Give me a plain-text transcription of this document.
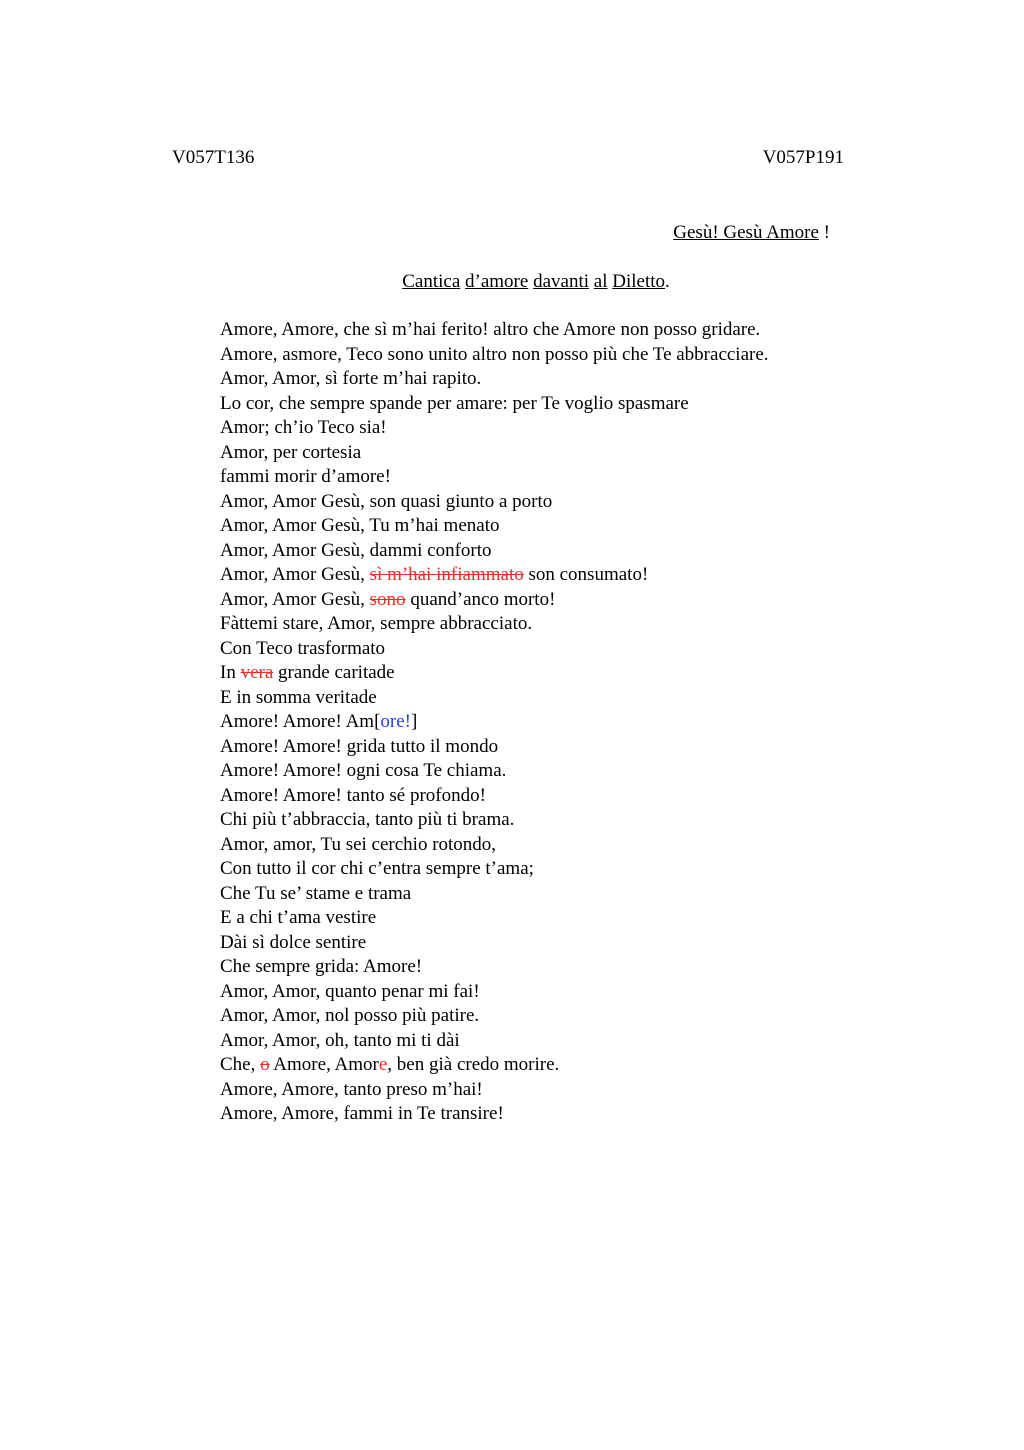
V057T136	V057P191
Gesù! Gesù Amore !
Cantica d’amore davanti al Diletto.
Amore, Amore, che sì m’hai ferito! altro che Amore non posso gridare.
Amore, asmore, Teco sono unito altro non posso più che Te abbracciare.
Amor, Amor, sì forte m’hai rapito.
Lo cor, che sempre spande per amare: per Te voglio spasmare
Amor; ch’io Teco sia!
Amor, per cortesia
fammi morir d’amore!
Amor, Amor Gesù, son quasi giunto a porto
Amor, Amor Gesù, Tu m’hai menato
Amor, Amor Gesù, dammi conforto
Amor, Amor Gesù, sì m’hai infiammato son consumato!
Amor, Amor Gesù, sono quand’anco morto!
Fàttemi stare, Amor, sempre abbracciato.
Con Teco trasformato
In vera grande caritade
E in somma veritade
Amore! Amore! Am[ore!]
Amore! Amore! grida tutto il mondo
Amore! Amore! ogni cosa Te chiama.
Amore! Amore! tanto sé profondo!
Chi più t’abbraccia, tanto più ti brama.
Amor, amor, Tu sei cerchio rotondo,
Con tutto il cor chi c’entra sempre t’ama;
Che Tu se’ stame e trama
E a chi t’ama vestire
Dài sì dolce sentire
Che sempre grida: Amore!
Amor, Amor, quanto penar mi fai!
Amor, Amor, nol posso più patire.
Amor, Amor, oh, tanto mi ti dài
Che, o Amore, Amore, ben già credo morire.
Amore, Amore, tanto preso m’hai!
Amore, Amore, fammi in Te transire!
